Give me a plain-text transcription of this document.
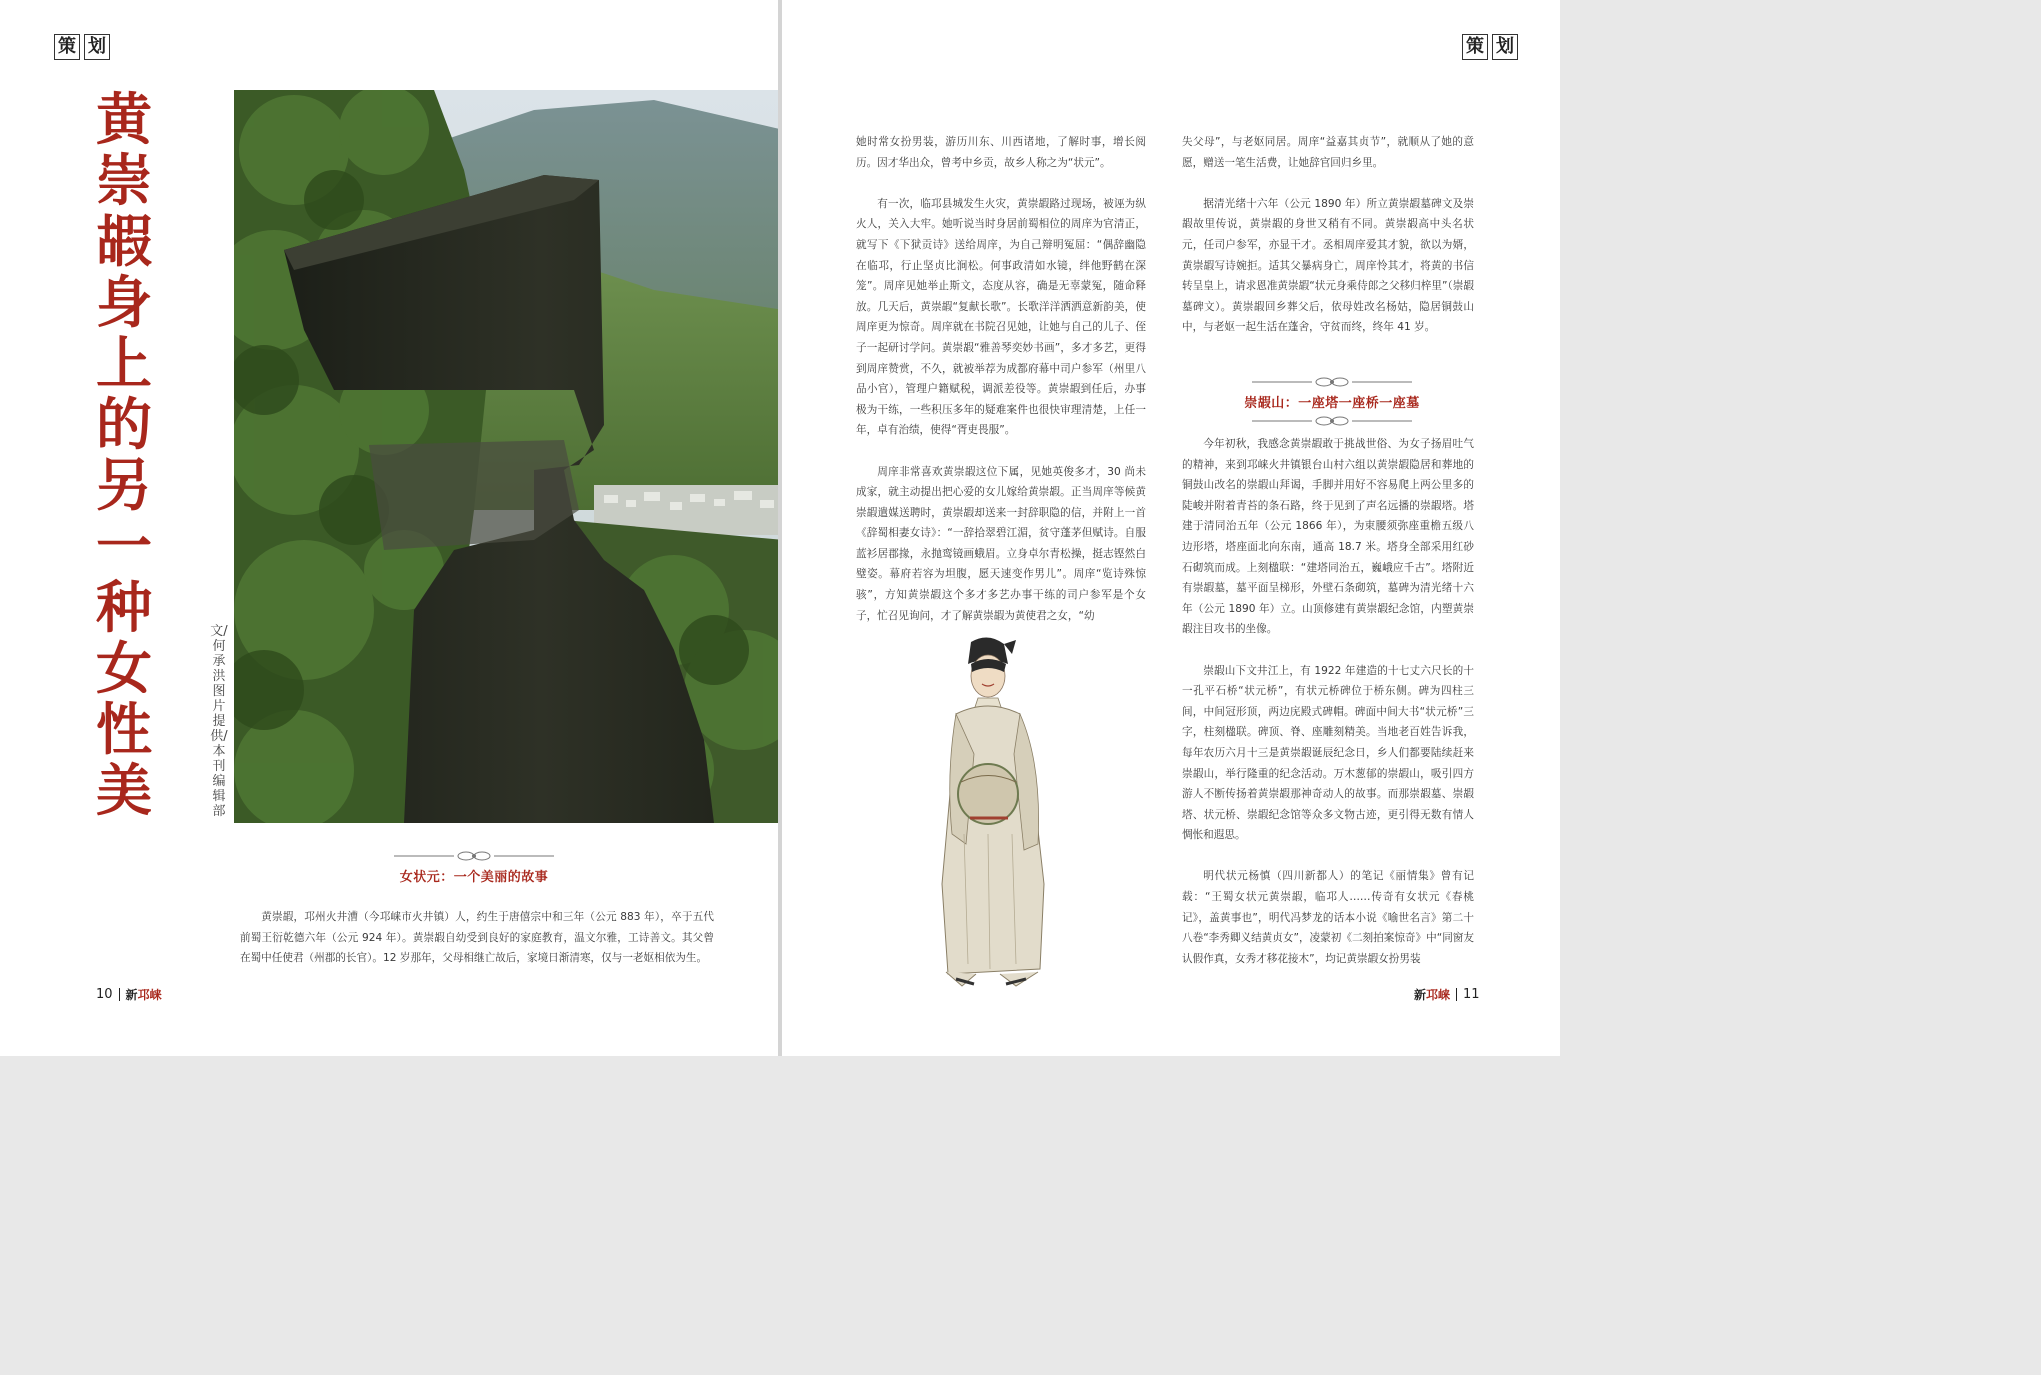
策 划
黄崇嘏身上的另一种女性美
文/何承洪 图片提供/本刊编辑部
女状元：一个美丽的故事

黄崇嘏，邛州火井漕（今邛崃市火井镇）人，约生于唐僖宗中和三年（公元 883 年），卒于五代前蜀王衍乾德六年（公元 924 年）。黄崇嘏自幼受到良好的家庭教育，温文尔雅，工诗善文。其父曾在蜀中任使君（州郡的长官）。12 岁那年，父母相继亡故后，家境日渐清寒，仅与一老妪相依为生。

10 新邛崃
策 划

她时常女扮男装，游历川东、川西诸地，了解时事，增长阅历。因才华出众，曾考中乡贡，故乡人称之为“状元”。

有一次，临邛县城发生火灾，黄崇嘏路过现场，被诬为纵火人，关入大牢。她听说当时身居前蜀相位的周庠为官清正，就写下《下狱贡诗》送给周庠，为自己辩明冤屈：“偶辞幽隐在临邛，行止坚贞比涧松。何事政清如水镜，绊他野鹤在深笼”。周庠见她举止斯文，态度从容，确是无辜蒙冤，随命释放。几天后，黄崇嘏“复献长歌”。长歌洋洋洒洒意新韵美，使周庠更为惊奇。周庠就在书院召见她，让她与自己的儿子、侄子一起研讨学问。黄崇嘏“雅善琴奕妙书画”，多才多艺，更得到周庠赞赏，不久，就被举荐为成都府幕中司户参军（州里八品小官），管理户籍赋税，调派差役等。黄崇嘏到任后，办事极为干练，一些积压多年的疑难案件也很快审理清楚，上任一年，卓有治绩，使得“胥吏畏服”。

周庠非常喜欢黄崇嘏这位下属，见她英俊多才，30 尚未成家，就主动提出把心爱的女儿嫁给黄崇嘏。正当周庠等候黄崇嘏遣媒送聘时，黄崇嘏却送来一封辞职隐的信，并附上一首《辞蜀相妻女诗》：“一辞拾翠碧江湄，贫守蓬茅但赋诗。自服蓝衫居郡掾，永抛鸾镜画蛾眉。立身卓尔青松操，挺志铿然白璧姿。幕府若容为坦腹，愿天速变作男儿”。周庠“览诗殊惊骇”，方知黄崇嘏这个多才多艺办事干练的司户参军是个女子，忙召见询问，才了解黄崇嘏为黄使君之女，“幼

失父母”，与老妪同居。周庠“益嘉其贞节”，就顺从了她的意愿，赠送一笔生活费，让她辞官回归乡里。

据清光绪十六年（公元 1890 年）所立黄崇嘏墓碑文及崇嘏故里传说，黄崇嘏的身世又稍有不同。黄崇嘏高中头名状元，任司户参军，亦显干才。丞相周庠爱其才貌，欲以为婿，黄崇嘏写诗婉拒。适其父暴病身亡，周庠怜其才，将黄的书信转呈皇上，请求恩准黄崇嘏“状元身乘侍郎之父移归梓里”（崇嘏墓碑文）。黄崇嘏回乡葬父后，依母姓改名杨姑，隐居铜鼓山中，与老妪一起生活在蓬舍，守贫而终，终年 41 岁。

崇嘏山：一座塔一座桥一座墓

今年初秋，我感念黄崇嘏敢于挑战世俗、为女子扬眉吐气的精神，来到邛崃火井镇银台山村六组以黄崇嘏隐居和葬地的铜鼓山改名的崇嘏山拜谒，手脚并用好不容易爬上两公里多的陡峻并附着青苔的条石路，终于见到了声名远播的崇嘏塔。塔建于清同治五年（公元 1866 年），为束腰须弥座重檐五级八边形塔，塔座面北向东南，通高 18.7 米。塔身全部采用红砂石砌筑而成。上刻楹联：“建塔同治五，巍峨应千古”。塔附近有崇嘏墓，墓平面呈梯形，外壁石条砌筑，墓碑为清光绪十六年（公元 1890 年）立。山顶修建有黄崇嘏纪念馆，内塑黄崇嘏注目攻书的坐像。

崇嘏山下文井江上，有 1922 年建造的十七丈六尺长的十一孔平石桥“状元桥”，有状元桥碑位于桥东侧。碑为四柱三间，中间冠形顶，两边庑殿式碑帽。碑面中间大书“状元桥”三字，柱刻楹联。碑顶、脊、座雕刻精美。当地老百姓告诉我，每年农历六月十三是黄崇嘏诞辰纪念日，乡人们都要陆续赶来崇嘏山，举行隆重的纪念活动。万木葱郁的崇嘏山，吸引四方游人不断传扬着黄崇嘏那神奇动人的故事。而那崇嘏墓、崇嘏塔、状元桥、崇嘏纪念馆等众多文物古迹，更引得无数有情人惆怅和遐思。

明代状元杨慎（四川新都人）的笔记《丽情集》曾有记载：“王蜀女状元黄崇嘏，临邛人……传奇有女状元《春桃记》，盖黄事也”，明代冯梦龙的话本小说《喻世名言》第二十八卷“李秀卿义结黄贞女”，凌蒙初《二刻拍案惊奇》中“同窗友认假作真，女秀才移花接木”，均记黄崇嘏女扮男装

新邛崃 11
